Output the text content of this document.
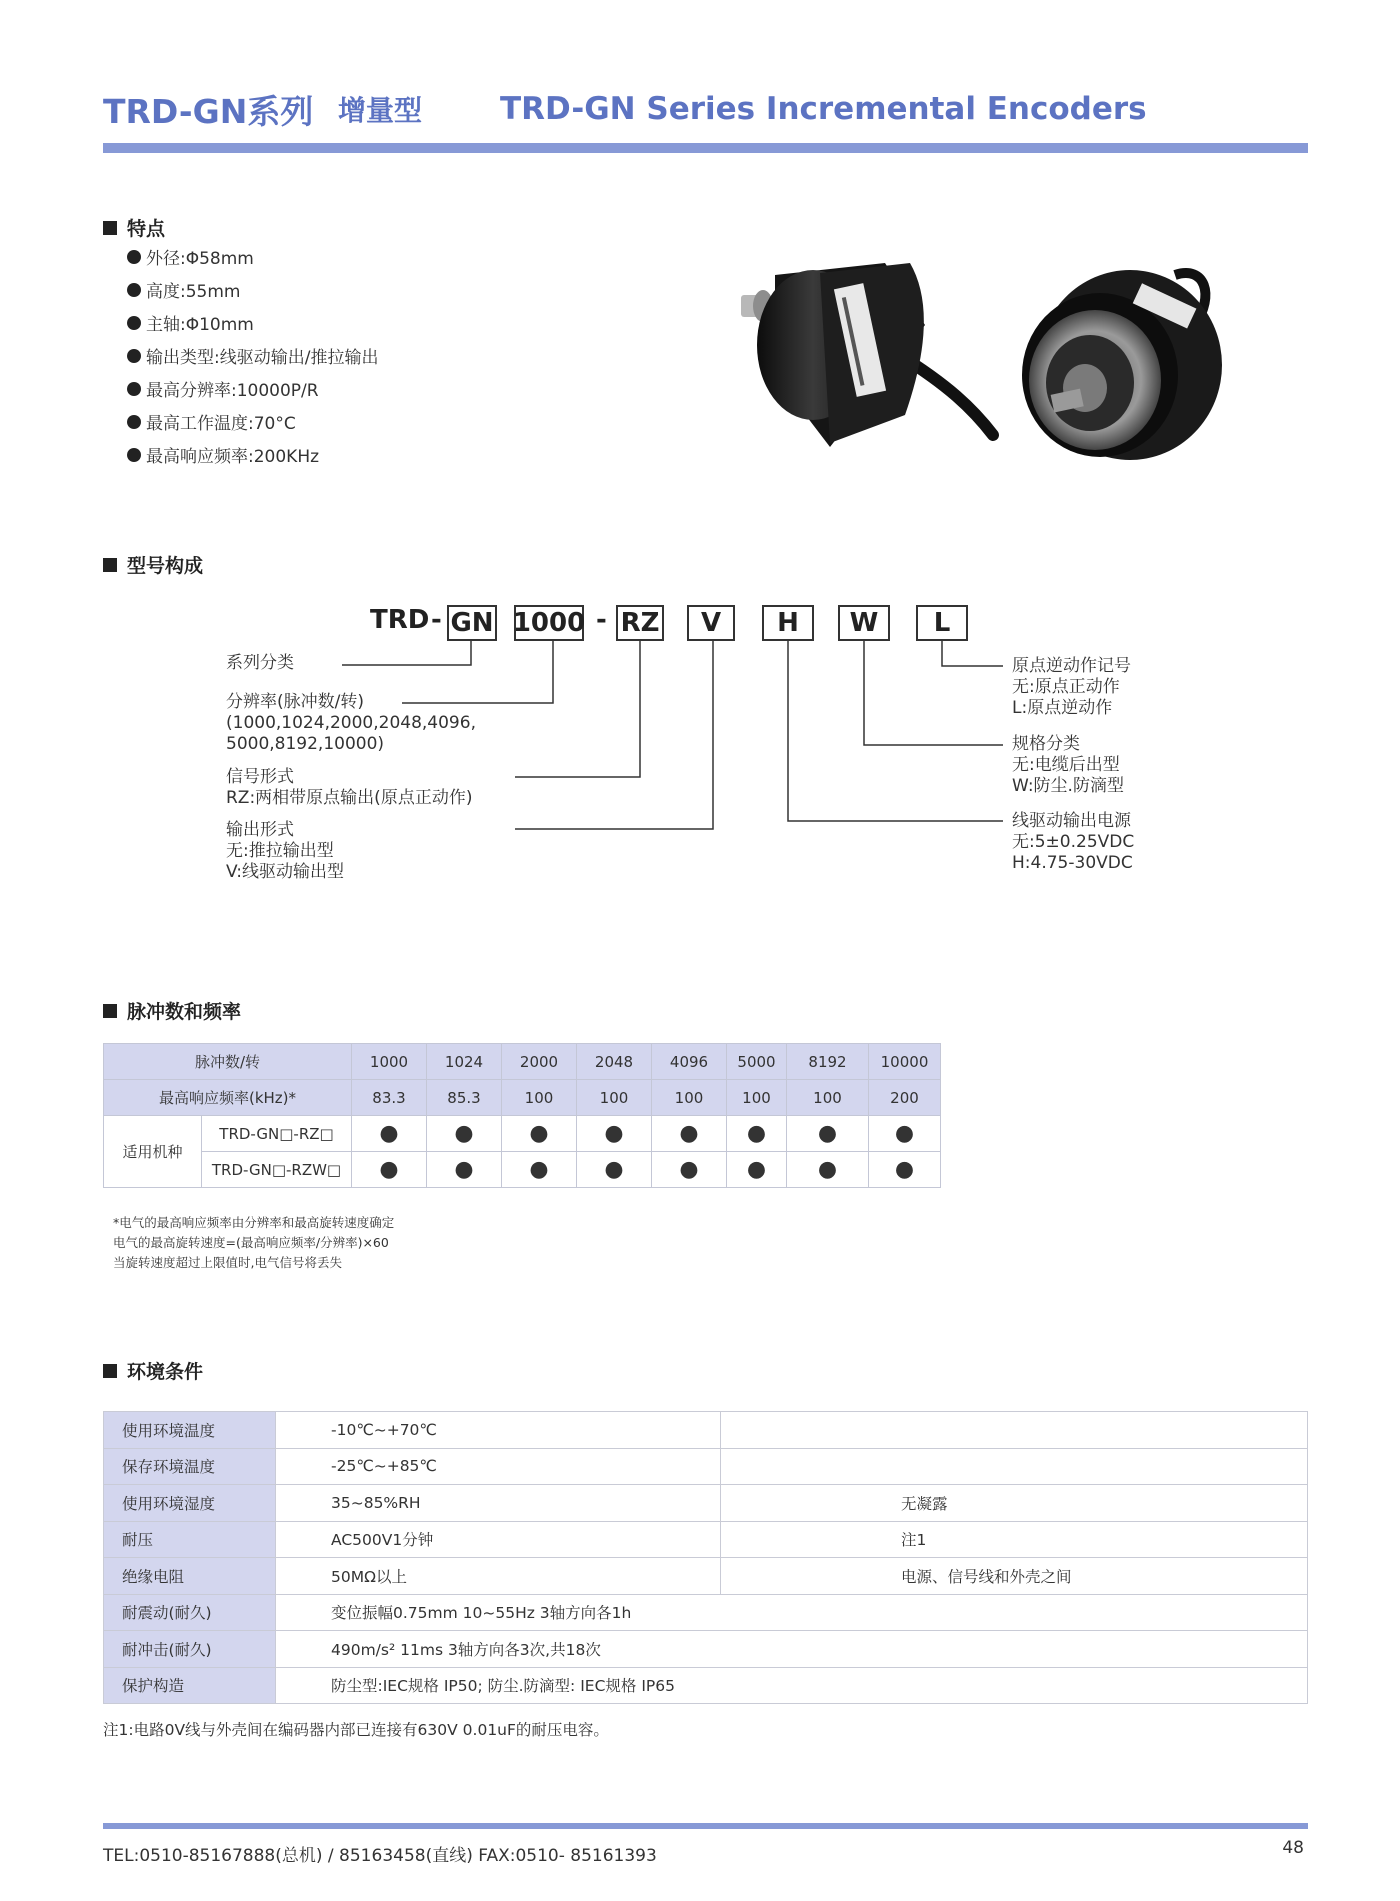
TRD-GN系列 增量型	TRD-GN Series Incremental Encoders
特点
外径:Φ58mm
高度:55mm
主轴:Φ10mm
输出类型:线驱动输出/推拉输出
最高分辨率:10000P/R
最高工作温度:70°C
最高响应频率:200KHz
型号构成
TRD - GN 1000 - RZ	V	H	W	L
系列分类
分辨率(脉冲数/转)
(1000,1024,2000,2048,4096,
5000,8192,10000)
信号形式
RZ:两相带原点输出(原点正动作)
输出形式
无:推拉输出型
V:线驱动输出型
原点逆动作记号
无:原点正动作
L:原点逆动作
规格分类
无:电缆后出型
W:防尘.防滴型
线驱动输出电源
无:5±0.25VDC
H:4.75-30VDC
脉冲数和频率
脉冲数/转		1000	1024	2000	2048	4096	5000	8192	10000
最高响应频率(kHz)*		83.3	85.3	100	100	100	100	100	200
适用机种	TRD-GN□-RZ□	●	●	●	●	●	●	●	●
	TRD-GN□-RZW□	●	●	●	●	●	●	●	●
*电气的最高响应频率由分辨率和最高旋转速度确定
电气的最高旋转速度=(最高响应频率/分辨率)×60
当旋转速度超过上限值时,电气信号将丢失
环境条件
使用环境温度	-10℃~+70℃	
保存环境温度	-25℃~+85℃	
使用环境湿度	35~85%RH	无凝露
耐压	AC500V1分钟	注1
绝缘电阻	50MΩ以上	电源、信号线和外壳之间
耐震动(耐久)	变位振幅0.75mm 10~55Hz 3轴方向各1h	
耐冲击(耐久)	490m/s² 11ms 3轴方向各3次,共18次	
保护构造	防尘型:IEC规格 IP50; 防尘.防滴型: IEC规格 IP65	
注1:电路0V线与外壳间在编码器内部已连接有630V 0.01uF的耐压电容。
TEL:0510-85167888(总机) / 85163458(直线) FAX:0510- 85161393	48
